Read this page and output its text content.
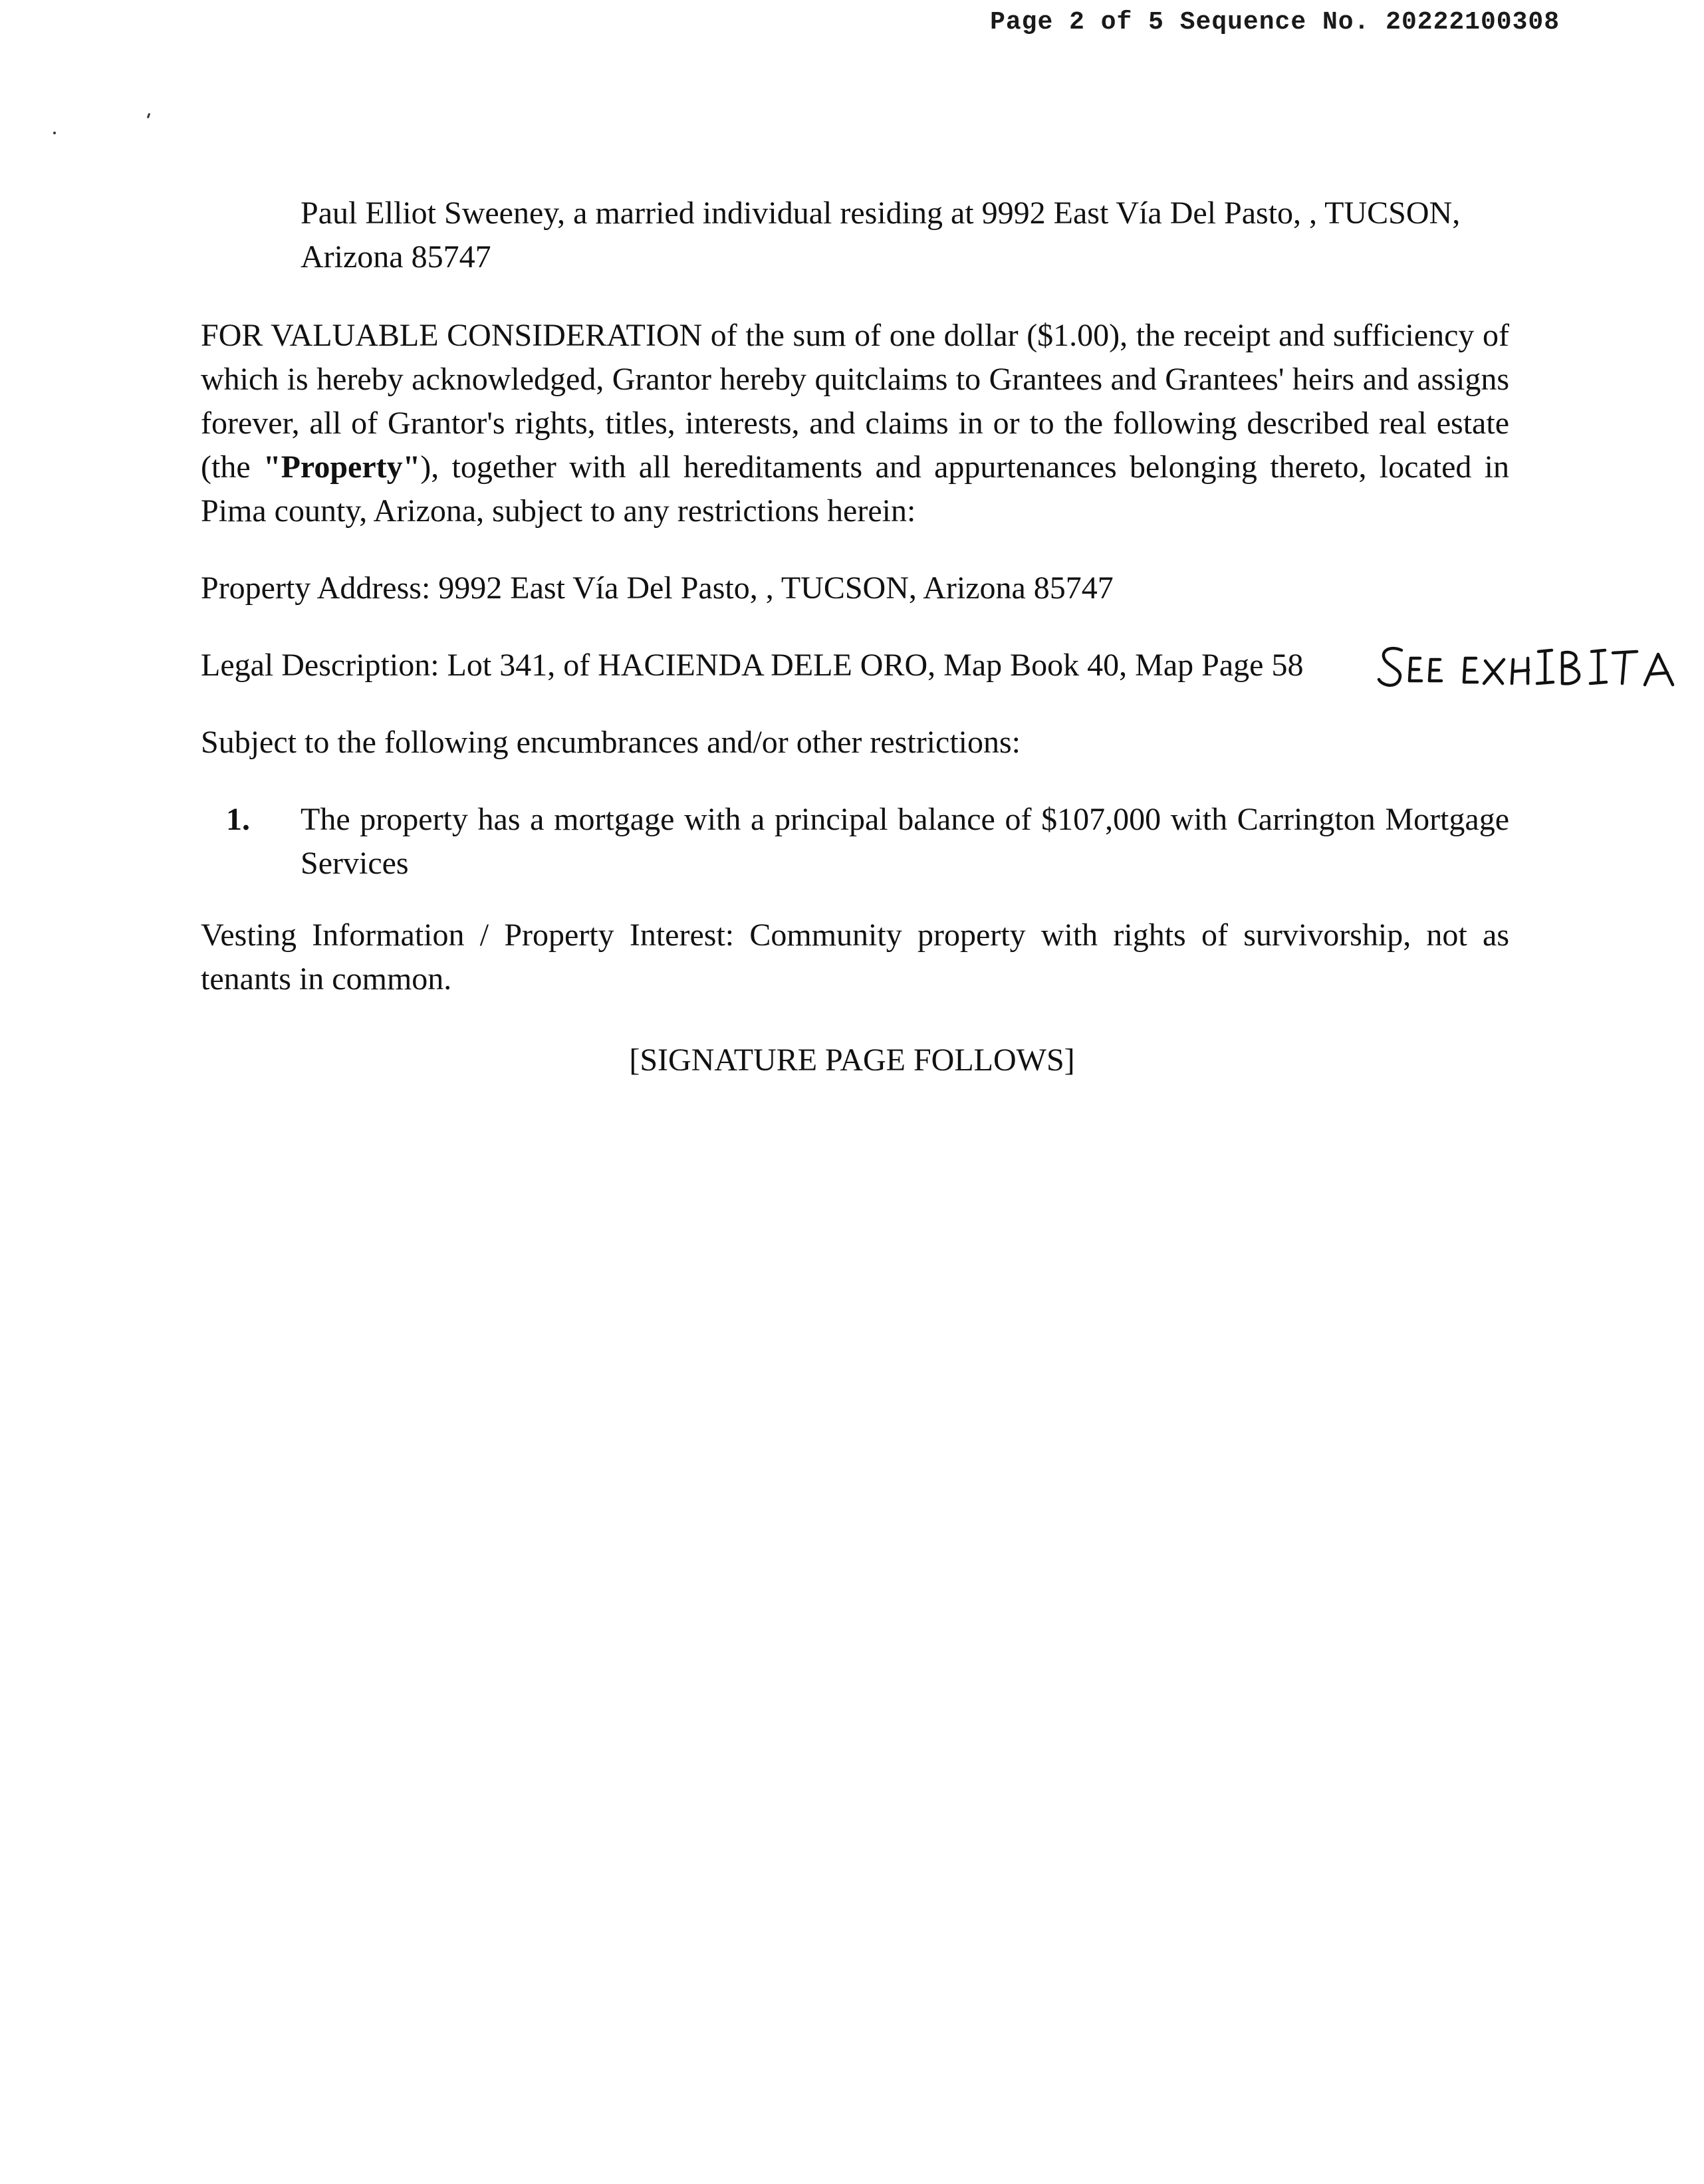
Page 2 of 5 Sequence No. 20222100308
Paul Elliot Sweeney, a married individual residing at 9992 East Vía Del Pasto, , TUCSON, Arizona 85747
FOR VALUABLE CONSIDERATION of the sum of one dollar ($1.00), the receipt and sufficiency of which is hereby acknowledged, Grantor hereby quitclaims to Grantees and Grantees' heirs and assigns forever, all of Grantor's rights, titles, interests, and claims in or to the following described real estate (the "Property"), together with all hereditaments and appurtenances belonging thereto, located in Pima county, Arizona, subject to any restrictions herein:
Property Address: 9992 East Vía Del Pasto, , TUCSON, Arizona 85747
Legal Description: Lot 341, of HACIENDA DELE ORO, Map Book 40, Map Page 58
Subject to the following encumbrances and/or other restrictions:
1. The property has a mortgage with a principal balance of $107,000 with Carrington Mortgage Services
Vesting Information / Property Interest: Community property with rights of survivorship, not as tenants in common.
[SIGNATURE PAGE FOLLOWS]
